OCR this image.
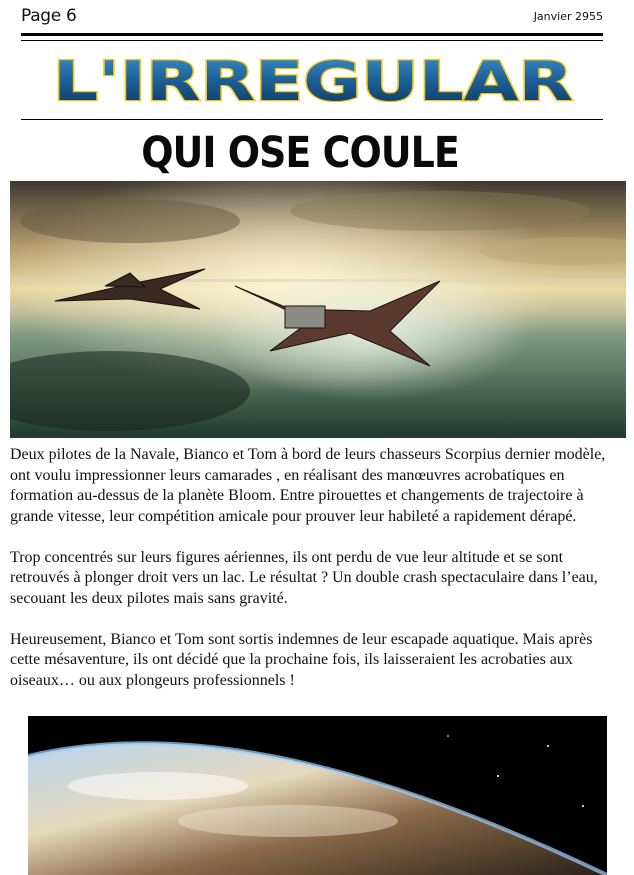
Page 6	Janvier 2955
L'IRREGULAR
QUI OSE COULE

Deux pilotes de la Navale, Bianco et Tom à bord de leurs chasseurs Scorpius dernier modèle, ont voulu impressionner leurs camarades , en réalisant des manœuvres acrobatiques en formation au-dessus de la planète Bloom. Entre pirouettes et changements de trajectoire à grande vitesse, leur compétition amicale pour prouver leur habileté a rapidement dérapé.

Trop concentrés sur leurs figures aériennes, ils ont perdu de vue leur altitude et se sont retrouvés à plonger droit vers un lac. Le résultat ? Un double crash spectaculaire dans l’eau, secouant les deux pilotes mais sans gravité.

Heureusement, Bianco et Tom sont sortis indemnes de leur escapade aquatique. Mais après cette mésaventure, ils ont décidé que la prochaine fois, ils laisseraient les acrobaties aux oiseaux… ou aux plongeurs professionnels !
